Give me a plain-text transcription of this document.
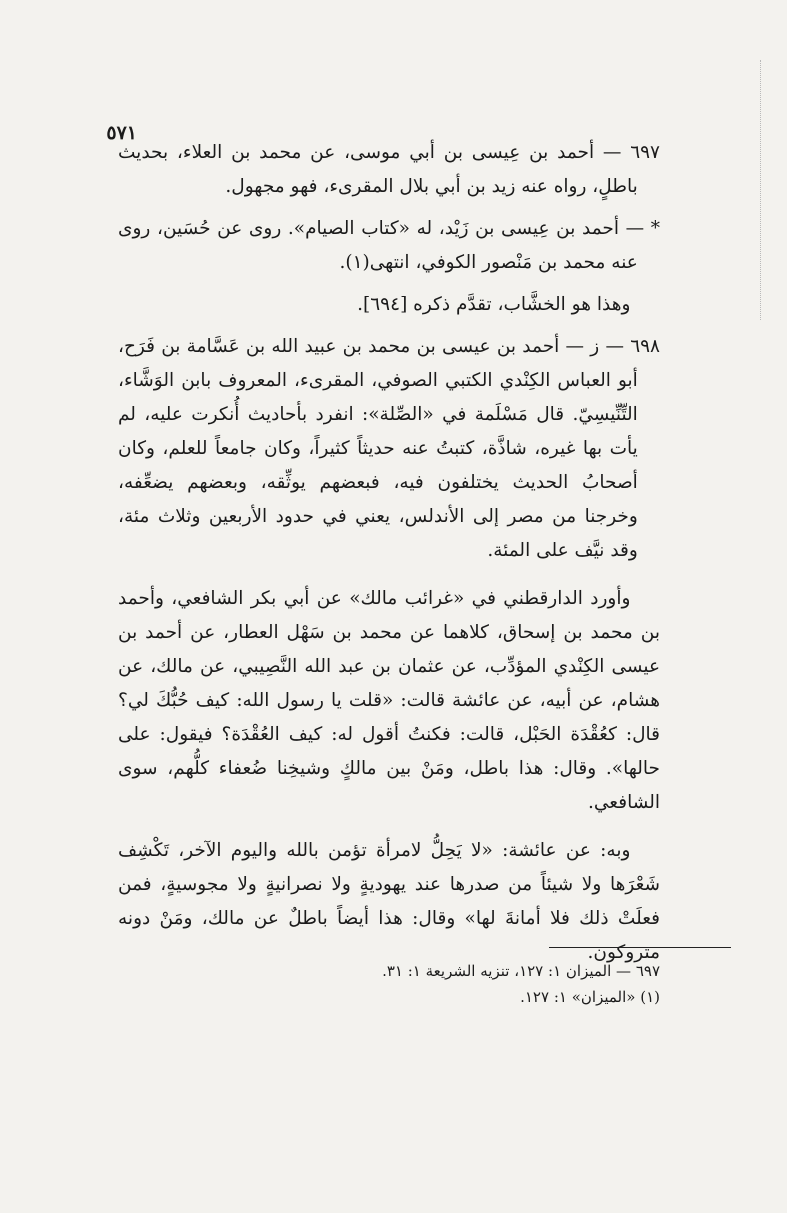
٥٧١

٦٩٧ — أحمد بن عِيسى بن أبي موسى، عن محمد بن العلاء، بحديث باطلٍ، رواه عنه زيد بن أبي بلال المقرىء، فهو مجهول.

* — أحمد بن عِيسى بن زَيْد، له «كتاب الصيام». روى عن حُسَين، روى عنه محمد بن مَنْصور الكوفي، انتهى(١).

وهذا هو الخشَّاب، تقدَّم ذكره [٦٩٤].

٦٩٨ — ز — أحمد بن عيسى بن محمد بن عبيد الله بن عَسَّامة بن فَرَح، أبو العباس الكِنْدي الكتبي الصوفي، المقرىء، المعروف بابن الوَشَّاء، التِّنِّيسِيّ. قال مَسْلَمة في «الصِّلة»: انفرد بأحاديث أُنكرت عليه، لم يأت بها غيره، شاذَّة، كتبتُ عنه حديثاً كثيراً، وكان جامعاً للعلم، وكان أصحابُ الحديث يختلفون فيه، فبعضهم يوثِّقه، وبعضهم يضعِّفه، وخرجنا من مصر إلى الأندلس، يعني في حدود الأربعين وثلاث مئة، وقد نيَّف على المئة.

وأورد الدارقطني في «غرائب مالك» عن أبي بكر الشافعي، وأحمد بن محمد بن إسحاق، كلاهما عن محمد بن سَهْل العطار، عن أحمد بن عيسى الكِنْدي المؤدِّب، عن عثمان بن عبد الله النَّصِيبي، عن مالك، عن هشام، عن أبيه، عن عائشة قالت: «قلت يا رسول الله: كيف حُبُّكَ لي؟ قال: كعُقْدَة الحَبْل، قالت: فكنتُ أقول له: كيف العُقْدَة؟ فيقول: على حالها». وقال: هذا باطل، ومَنْ بين مالكٍ وشيخِنا ضُعفاء كلُّهم، سوى الشافعي.

وبه: عن عائشة: «لا يَحِلُّ لامرأة تؤمن بالله واليوم الآخر، تَكْشِف شَعْرَها ولا شيئاً من صدرها عند يهوديةٍ ولا نصرانيةٍ ولا مجوسيةٍ، فمن فعلَتْ ذلك فلا أمانةَ لها» وقال: هذا أيضاً باطلٌ عن مالك، ومَنْ دونه متروكون.

٦٩٧ — الميزان ١: ١٢٧، تنزيه الشريعة ١: ٣١.

(١) «الميزان» ١: ١٢٧.
